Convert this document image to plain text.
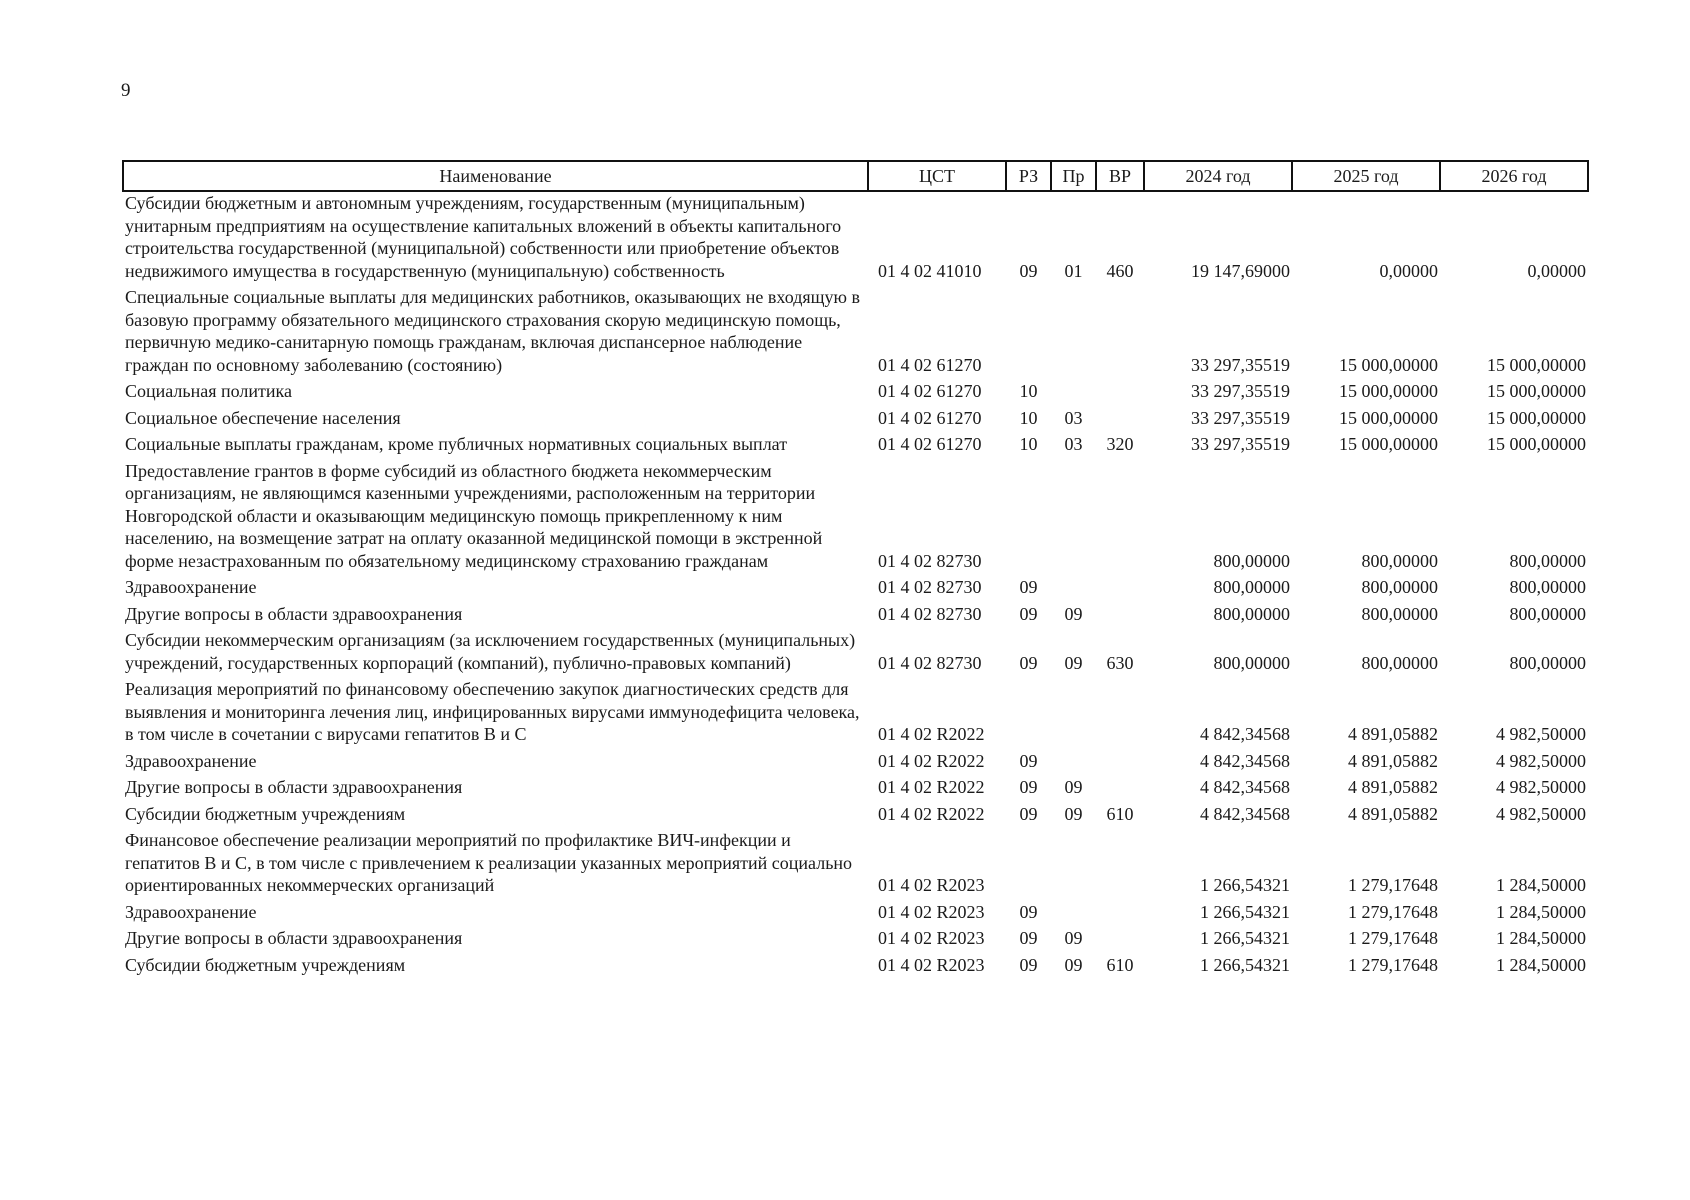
9
Наименование	ЦСТ	РЗ	Пр	ВР	2024 год	2025 год	2026 год
Субсидии бюджетным и автономным учреждениям, государственным (муниципальным) унитарным предприятиям на осуществление капитальных вложений в объекты капитального строительства государственной (муниципальной) собственности или приобретение объектов недвижимого имущества в государственную (муниципальную) собственность	01 4 02 41010	09	01	460	19 147,69000	0,00000	0,00000
Специальные социальные выплаты для медицинских работников, оказывающих не входящую в базовую программу обязательного медицинского страхования скорую медицинскую помощь, первичную медико-санитарную помощь гражданам, включая диспансерное наблюдение граждан по основному заболеванию (состоянию)	01 4 02 61270				33 297,35519	15 000,00000	15 000,00000
Социальная политика	01 4 02 61270	10			33 297,35519	15 000,00000	15 000,00000
Социальное обеспечение населения	01 4 02 61270	10	03		33 297,35519	15 000,00000	15 000,00000
Социальные выплаты гражданам, кроме публичных нормативных социальных выплат	01 4 02 61270	10	03	320	33 297,35519	15 000,00000	15 000,00000
Предоставление грантов в форме субсидий из областного бюджета некоммерческим организациям, не являющимся казенными учреждениями, расположенным на территории Новгородской области и оказывающим медицинскую помощь прикрепленному к ним населению, на возмещение затрат на оплату оказанной медицинской помощи в экстренной форме незастрахованным по обязательному медицинскому страхованию гражданам	01 4 02 82730				800,00000	800,00000	800,00000
Здравоохранение	01 4 02 82730	09			800,00000	800,00000	800,00000
Другие вопросы в области здравоохранения	01 4 02 82730	09	09		800,00000	800,00000	800,00000
Субсидии некоммерческим организациям (за исключением государственных (муниципальных) учреждений, государственных корпораций (компаний), публично-правовых компаний)	01 4 02 82730	09	09	630	800,00000	800,00000	800,00000
Реализация мероприятий по финансовому обеспечению закупок диагностических средств для выявления и мониторинга лечения лиц, инфицированных вирусами иммунодефицита человека, в том числе в сочетании с вирусами гепатитов В и С	01 4 02 R2022				4 842,34568	4 891,05882	4 982,50000
Здравоохранение	01 4 02 R2022	09			4 842,34568	4 891,05882	4 982,50000
Другие вопросы в области здравоохранения	01 4 02 R2022	09	09		4 842,34568	4 891,05882	4 982,50000
Субсидии бюджетным учреждениям	01 4 02 R2022	09	09	610	4 842,34568	4 891,05882	4 982,50000
Финансовое обеспечение реализации мероприятий по профилактике ВИЧ-инфекции и гепатитов В и С, в том числе с привлечением к реализации указанных мероприятий социально ориентированных некоммерческих организаций	01 4 02 R2023				1 266,54321	1 279,17648	1 284,50000
Здравоохранение	01 4 02 R2023	09			1 266,54321	1 279,17648	1 284,50000
Другие вопросы в области здравоохранения	01 4 02 R2023	09	09		1 266,54321	1 279,17648	1 284,50000
Субсидии бюджетным учреждениям	01 4 02 R2023	09	09	610	1 266,54321	1 279,17648	1 284,50000
